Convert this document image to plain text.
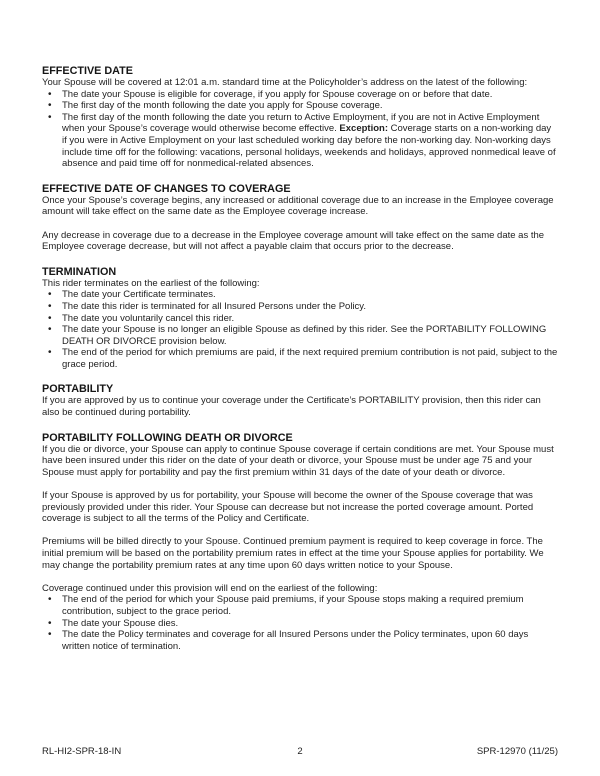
EFFECTIVE DATE

Your Spouse will be covered at 12:01 a.m. standard time at the Policyholder’s address on the latest of the following:

• The date your Spouse is eligible for coverage, if you apply for Spouse coverage on or before that date.
• The first day of the month following the date you apply for Spouse coverage.
• The first day of the month following the date you return to Active Employment, if you are not in Active Employment when your Spouse’s coverage would otherwise become effective. Exception: Coverage starts on a non-working day if you were in Active Employment on your last scheduled working day before the non-working day. Non-working days include time off for the following: vacations, personal holidays, weekends and holidays, approved nonmedical leave of absence and paid time off for nonmedical-related absences.
EFFECTIVE DATE OF CHANGES TO COVERAGE

Once your Spouse’s coverage begins, any increased or additional coverage due to an increase in the Employee coverage amount will take effect on the same date as the Employee coverage increase.

Any decrease in coverage due to a decrease in the Employee coverage amount will take effect on the same date as the Employee coverage decrease, but will not affect a payable claim that occurs prior to the decrease.

TERMINATION

This rider terminates on the earliest of the following:

• The date your Certificate terminates.
• The date this rider is terminated for all Insured Persons under the Policy.
• The date you voluntarily cancel this rider.
• The date your Spouse is no longer an eligible Spouse as defined by this rider. See the PORTABILITY FOLLOWING DEATH OR DIVORCE provision below.
• The end of the period for which premiums are paid, if the next required premium contribution is not paid, subject to the grace period.
PORTABILITY

If you are approved by us to continue your coverage under the Certificate’s PORTABILITY provision, then this rider can also be continued during portability.

PORTABILITY FOLLOWING DEATH OR DIVORCE

If you die or divorce, your Spouse can apply to continue Spouse coverage if certain conditions are met. Your Spouse must have been insured under this rider on the date of your death or divorce, your Spouse must be under age 75 and your Spouse must apply for portability and pay the first premium within 31 days of the date of your death or divorce.

If your Spouse is approved by us for portability, your Spouse will become the owner of the Spouse coverage that was previously provided under this rider. Your Spouse can decrease but not increase the ported coverage amount. Ported coverage is subject to all the terms of the Policy and Certificate.

Premiums will be billed directly to your Spouse. Continued premium payment is required to keep coverage in force. The initial premium will be based on the portability premium rates in effect at the time your Spouse applies for portability. We may change the portability premium rates at any time upon 60 days written notice to your Spouse.

Coverage continued under this provision will end on the earliest of the following:

• The end of the period for which your Spouse paid premiums, if your Spouse stops making a required premium contribution, subject to the grace period.
• The date your Spouse dies.
• The date the Policy terminates and coverage for all Insured Persons under the Policy terminates, upon 60 days written notice of termination.
RL-HI2-SPR-18-IN	2	SPR-12970 (11/25)
